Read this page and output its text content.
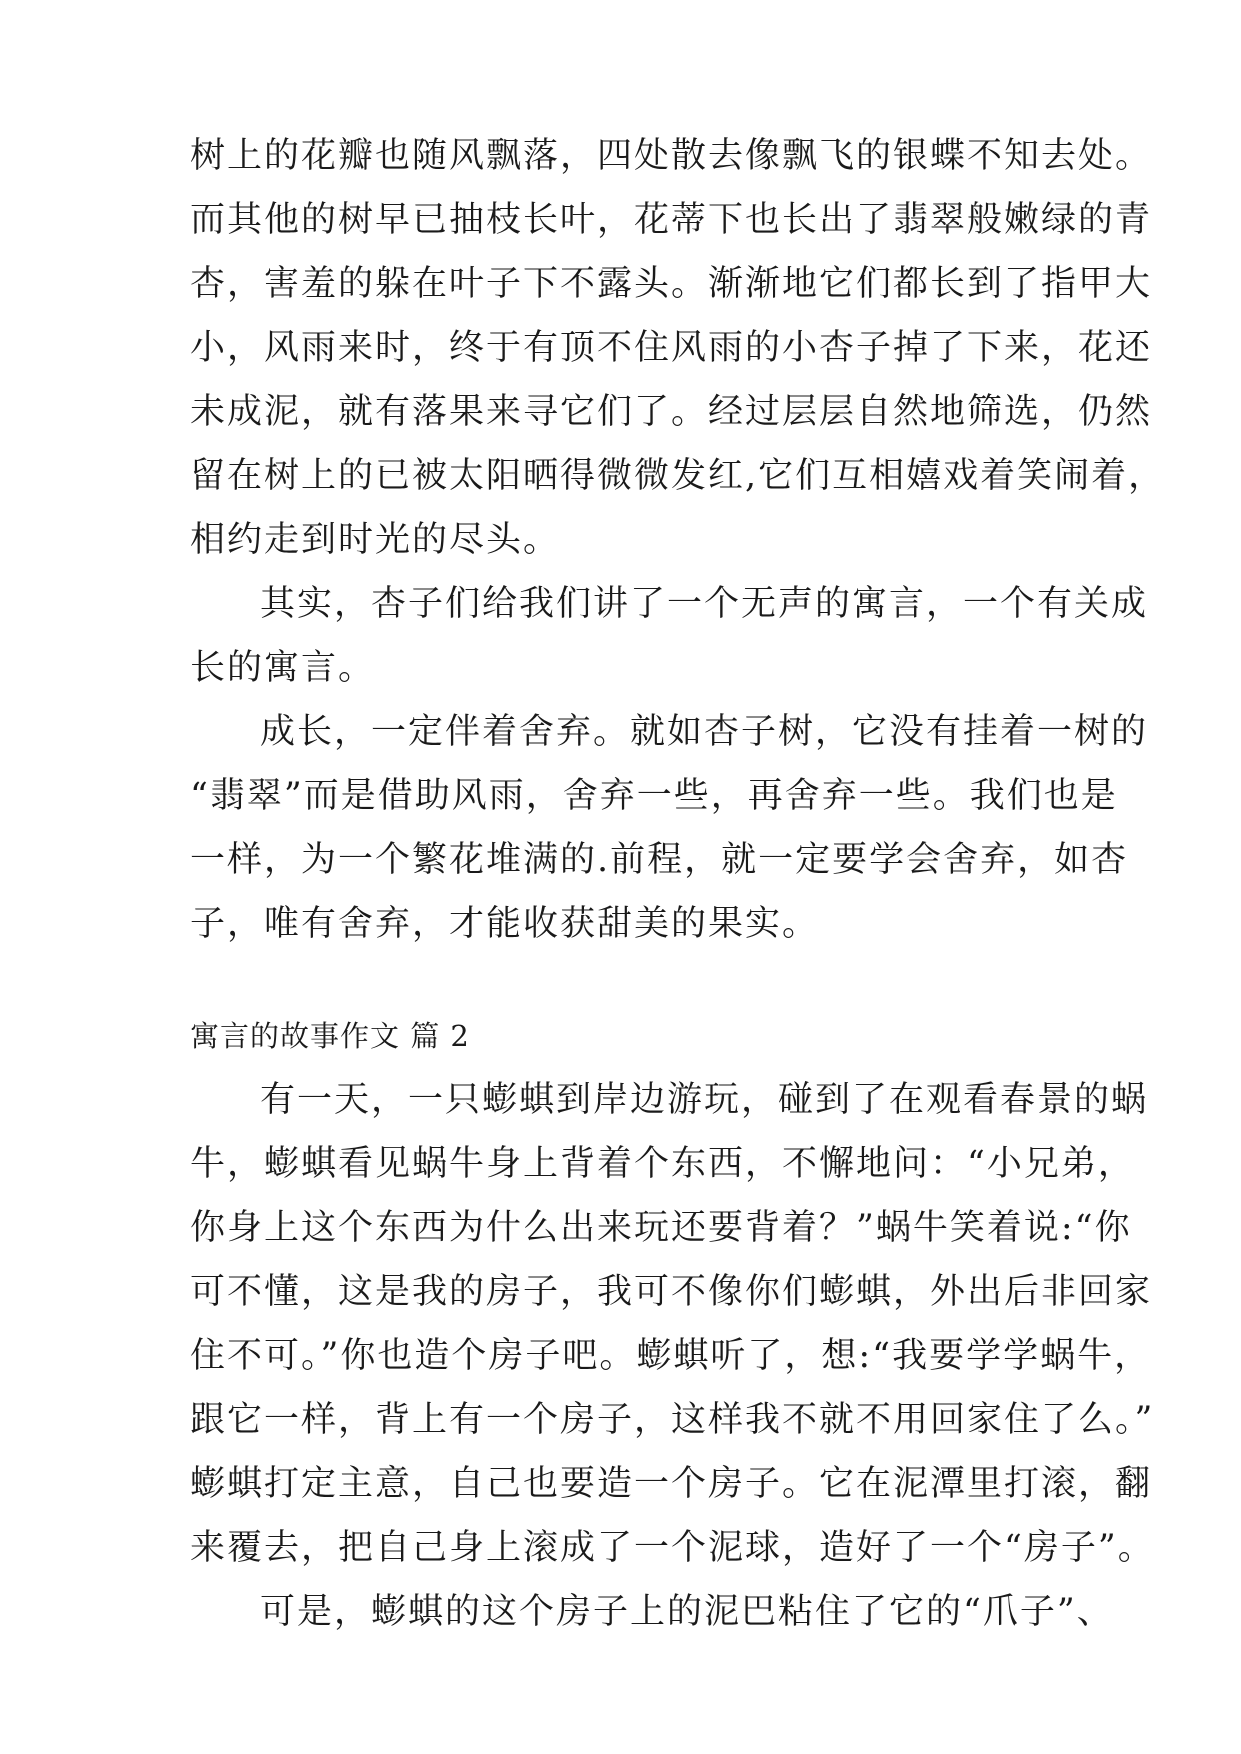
树上的花瓣也随风飘落，四处散去像飘飞的银蝶不知去处。
而其他的树早已抽枝长叶，花蒂下也长出了翡翠般嫩绿的青
杏，害羞的躲在叶子下不露头。渐渐地它们都长到了指甲大
小，风雨来时，终于有顶不住风雨的小杏子掉了下来，花还
未成泥，就有落果来寻它们了。经过层层自然地筛选，仍然
留在树上的已被太阳晒得微微发红,它们互相嬉戏着笑闹着，
相约走到时光的尽头。
其实，杏子们给我们讲了一个无声的寓言，一个有关成
长的寓言。
成长，一定伴着舍弃。就如杏子树，它没有挂着一树的
“翡翠”而是借助风雨，舍弃一些，再舍弃一些。我们也是
一样，为一个繁花堆满的.前程，就一定要学会舍弃，如杏
子，唯有舍弃，才能收获甜美的果实。
寓言的故事作文 篇 2
有一天，一只蟛蜞到岸边游玩，碰到了在观看春景的蜗
牛，蟛蜞看见蜗牛身上背着个东西，不懈地问：“小兄弟，
你身上这个东西为什么出来玩还要背着？”蜗牛笑着说:“你
可不懂，这是我的房子，我可不像你们蟛蜞，外出后非回家
住不可。”你也造个房子吧。蟛蜞听了，想:“我要学学蜗牛，
跟它一样，背上有一个房子，这样我不就不用回家住了么。”
蟛蜞打定主意，自己也要造一个房子。它在泥潭里打滚，翻
来覆去，把自己身上滚成了一个泥球，造好了一个“房子”。
可是，蟛蜞的这个房子上的泥巴粘住了它的“爪子”、
